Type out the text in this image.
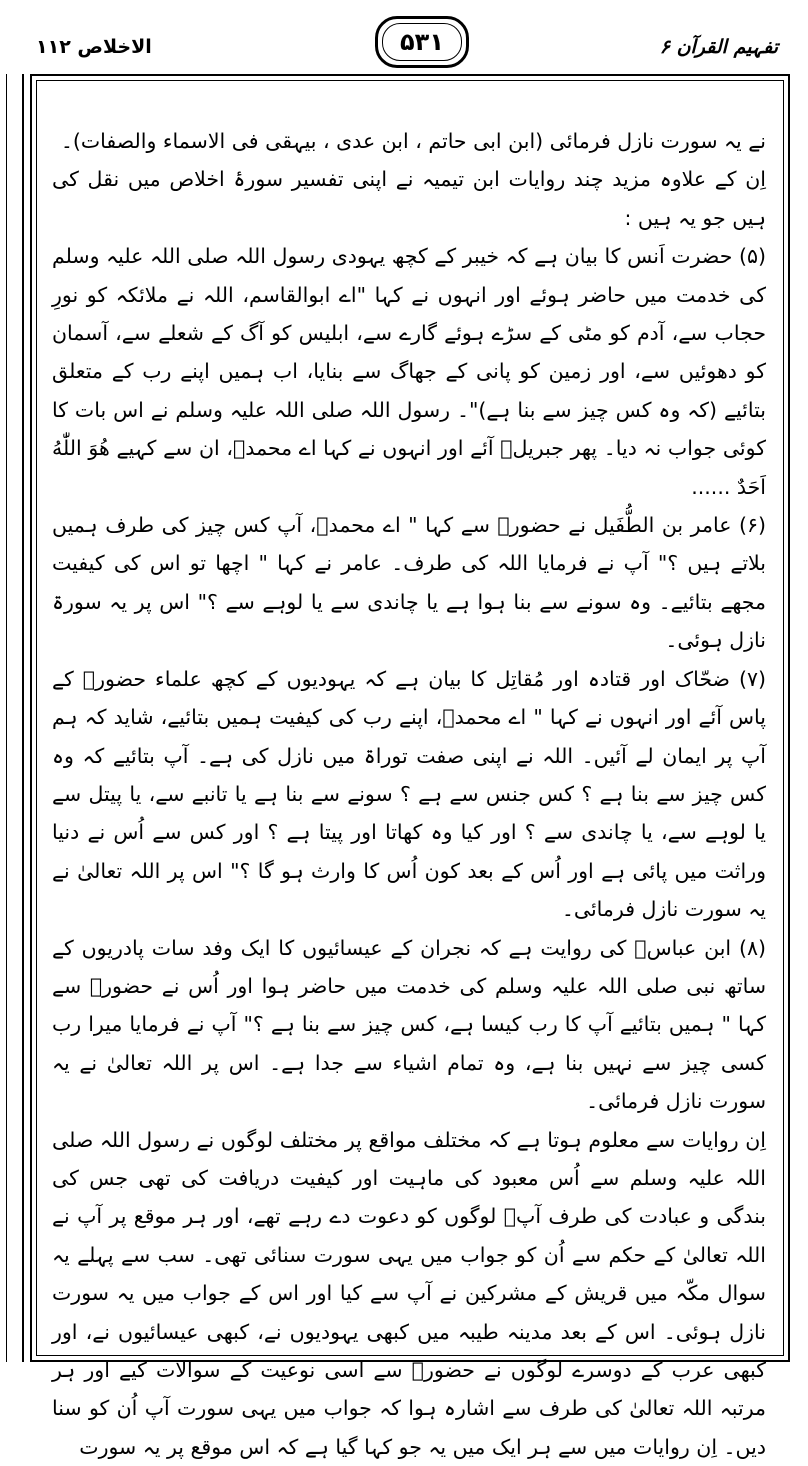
تفہیم القرآن ۶
۵۳۱
الاخلاص ۱۱۲

نے یہ سورت نازل فرمائی (ابن ابی حاتم ، ابن عدی ، بیہقی فی الاسماء والصفات)۔

اِن کے علاوہ مزید چند روایات ابن تیمیہ نے اپنی تفسیر سورۂ اخلاص میں نقل کی ہیں جو یہ ہیں :

(۵) حضرت اَنس کا بیان ہے کہ خیبر کے کچھ یہودی رسول اللہ صلی اللہ علیہ وسلم کی خدمت میں حاضر ہوئے اور انہوں نے کہا "اے ابوالقاسم، اللہ نے ملائکہ کو نورِ حجاب سے، آدم کو مٹی کے سڑے ہوئے گارے سے، ابلیس کو آگ کے شعلے سے، آسمان کو دھوئیں سے، اور زمین کو پانی کے جھاگ سے بنایا، اب ہمیں اپنے رب کے متعلق بتائیے (کہ وہ کس چیز سے بنا ہے)"۔ رسول اللہ صلی اللہ علیہ وسلم نے اس بات کا کوئی جواب نہ دیا۔ پھر جبریلؑ آئے اور انہوں نے کہا اے محمدؐ، ان سے کہیے هُوَ اللّٰهُ اَحَدٌ ......

(۶) عامر بن الطُّفَیل نے حضورؐ سے کہا " اے محمدؐ، آپ کس چیز کی طرف ہمیں بلاتے ہیں ؟" آپ نے فرمایا اللہ کی طرف۔ عامر نے کہا " اچھا تو اس کی کیفیت مجھے بتائیے۔ وہ سونے سے بنا ہوا ہے یا چاندی سے یا لوہے سے ؟" اس پر یہ سورۃ نازل ہوئی۔

(۷) ضحّاک اور قتادہ اور مُقاتِل کا بیان ہے کہ یہودیوں کے کچھ علماء حضورؐ کے پاس آئے اور انہوں نے کہا " اے محمدؐ، اپنے رب کی کیفیت ہمیں بتائیے، شاید کہ ہم آپ پر ایمان لے آئیں۔ اللہ نے اپنی صفت توراۃ میں نازل کی ہے۔ آپ بتائیے کہ وہ کس چیز سے بنا ہے ؟ کس جنس سے ہے ؟ سونے سے بنا ہے یا تانبے سے، یا پیتل سے یا لوہے سے، یا چاندی سے ؟ اور کیا وہ کھاتا اور پیتا ہے ؟ اور کس سے اُس نے دنیا وراثت میں پائی ہے اور اُس کے بعد کون اُس کا وارث ہو گا ؟" اس پر اللہ تعالیٰ نے یہ سورت نازل فرمائی۔

(۸) ابن عباسؓ کی روایت ہے کہ نجران کے عیسائیوں کا ایک وفد سات پادریوں کے ساتھ نبی صلی اللہ علیہ وسلم کی خدمت میں حاضر ہوا اور اُس نے حضورؐ سے کہا " ہمیں بتائیے آپ کا رب کیسا ہے، کس چیز سے بنا ہے ؟" آپ نے فرمایا میرا رب کسی چیز سے نہیں بنا ہے، وہ تمام اشیاء سے جدا ہے۔ اس پر اللہ تعالیٰ نے یہ سورت نازل فرمائی۔

اِن روایات سے معلوم ہوتا ہے کہ مختلف مواقع پر مختلف لوگوں نے رسول اللہ صلی اللہ علیہ وسلم سے اُس معبود کی ماہیت اور کیفیت دریافت کی تھی جس کی بندگی و عبادت کی طرف آپؐ لوگوں کو دعوت دے رہے تھے، اور ہر موقع پر آپ نے اللہ تعالیٰ کے حکم سے اُن کو جواب میں یہی سورت سنائی تھی۔ سب سے پہلے یہ سوال مکّہ میں قریش کے مشرکین نے آپ سے کیا اور اس کے جواب میں یہ سورت نازل ہوئی۔ اس کے بعد مدینہ طیبہ میں کبھی یہودیوں نے، کبھی عیسائیوں نے، اور کبھی عرب کے دوسرے لوگوں نے حضورؐ سے اسی نوعیت کے سوالات کیے اور ہر مرتبہ اللہ تعالیٰ کی طرف سے اشارہ ہوا کہ جواب میں یہی سورت آپ اُن کو سنا دیں۔ اِن روایات میں سے ہر ایک میں یہ جو کہا گیا ہے کہ اس موقع پر یہ سورت
